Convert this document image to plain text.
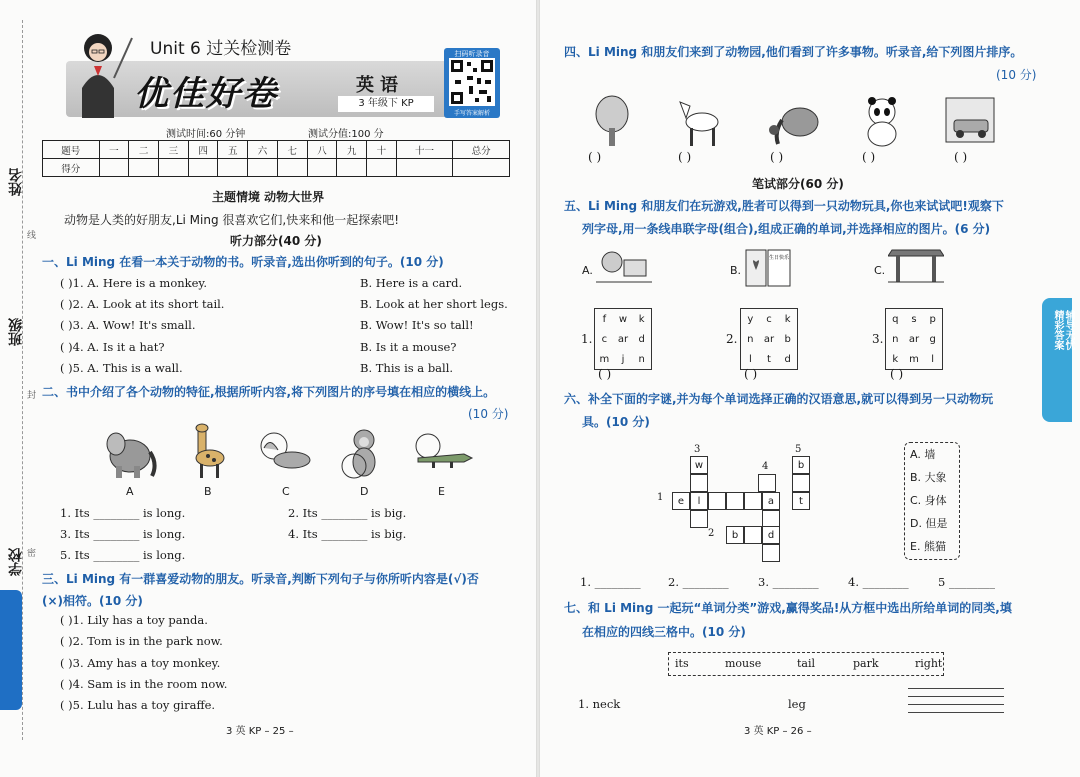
姓名
班级
学校
线
封
密
Unit 6 过关检测卷
优佳好卷	英语
3 年级下 KP
扫码听录音
手写答案解析
测试时间:60 分钟	测试分值:100 分
题号	一	二	三	四	五	六	七	八	九	十	十一	总分
得分												
主题情境 动物大世界
动物是人类的好朋友,Li Ming 很喜欢它们,快来和他一起探索吧!
听力部分(40 分)
一、Li Ming 在看一本关于动物的书。听录音,选出你听到的句子。(10 分)
( )1. A. Here is a monkey.	B. Here is a card.
( )2. A. Look at its short tail.	B. Look at her short legs.
( )3. A. Wow! It's small.	B. Wow! It's so tall!
( )4. A. Is it a hat?	B. Is it a mouse?
( )5. A. This is a wall.	B. This is a ball.
二、书中介绍了各个动物的特征,根据所听内容,将下列图片的序号填在相应的横线上。
(10 分)
A	B	C	D	E
1. Its ________ is long.	2. Its ________ is big.
3. Its ________ is long.	4. Its ________ is big.
5. Its ________ is long.
三、Li Ming 有一群喜爱动物的朋友。听录音,判断下列句子与你所听内容是(√)否
(×)相符。(10 分)
( )1. Lily has a toy panda.
( )2. Tom is in the park now.
( )3. Amy has a toy monkey.
( )4. Sam is in the room now.
( )5. Lulu has a toy giraffe.
3 英 KP – 25 –
四、Li Ming 和朋友们来到了动物园,他们看到了许多事物。听录音,给下列图片排序。
(10 分)
( )	( )	( )	( )	( )
笔试部分(60 分)
五、Li Ming 和朋友们在玩游戏,胜者可以得到一只动物玩具,你也来试试吧!观察下
列字母,用一条线串联字母(组合),组成正确的单词,并选择相应的图片。(6 分)
A.	B.
生日快乐
C.
1.
f	w	k
c	ar	d
m	j	n
2.
y	c	k
n	ar	b
l	t	d
3.
q	s	p
n	ar	g
k	m	l
( )	( )	( )
六、补全下面的字谜,并为每个单词选择正确的汉语意思,就可以得到另一只动物玩
具。(10 分)
3	5
4
1
2
w	b
e	l	a	t
b	d
A. 墙
B. 大象
C. 身体
D. 但是
E. 熊猫
1. ________ 2. ________	3. ________	4. ________	5 ________
七、和 Li Ming 一起玩“单词分类”游戏,赢得奖品!从方框中选出所给单词的同类,填
在相应的四线三格中。(10 分)
its	mouse	tail	park	right
1. neck	leg
3 英 KP – 26 –
精彩答案 辅导无忧
